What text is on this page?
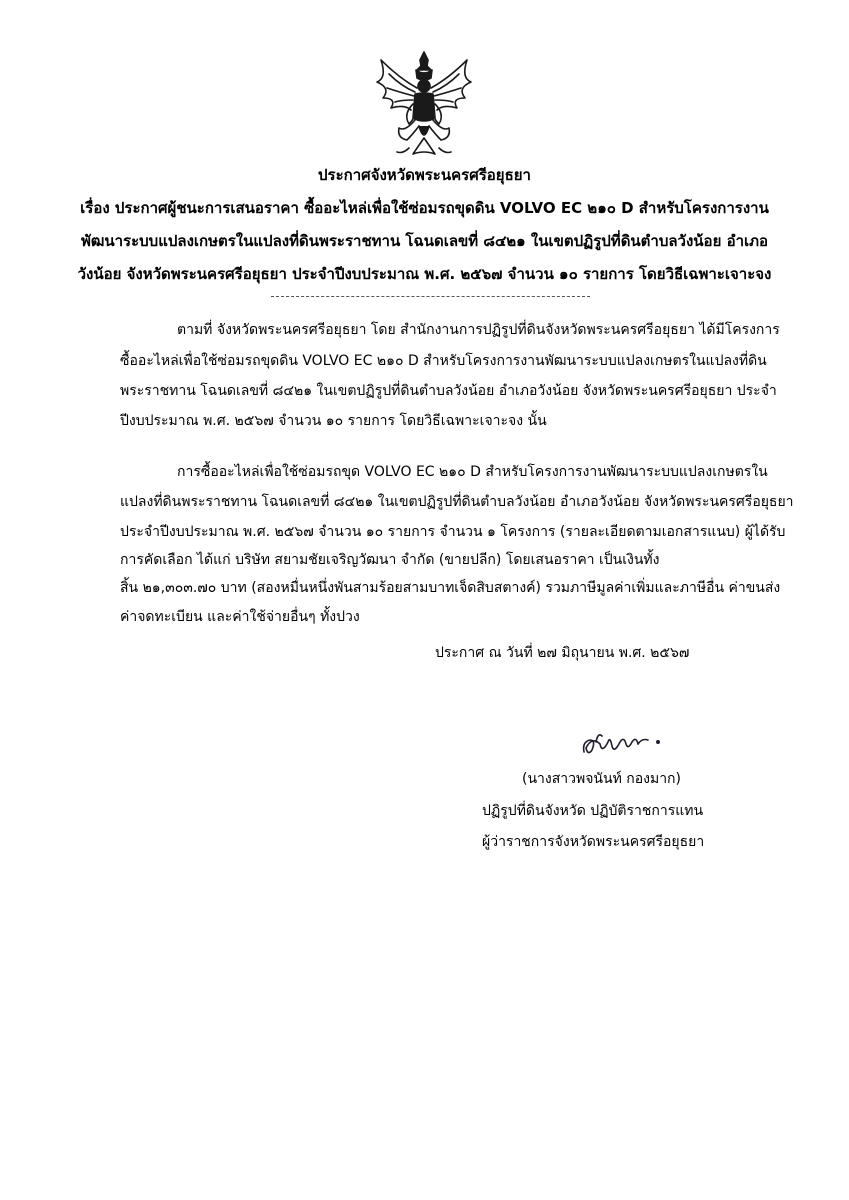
ประกาศจังหวัดพระนครศรีอยุธยา
เรื่อง ประกาศผู้ชนะการเสนอราคา ซื้ออะไหล่เพื่อใช้ซ่อมรถขุดดิน VOLVO EC ๒๑๐ D สำหรับโครงการงาน
พัฒนาระบบแปลงเกษตรในแปลงที่ดินพระราชทาน โฉนดเลขที่ ๘๔๒๑ ในเขตปฏิรูปที่ดินตำบลวังน้อย อำเภอ
วังน้อย จังหวัดพระนครศรีอยุธยา ประจำปีงบประมาณ พ.ศ. ๒๕๖๗ จำนวน ๑๐ รายการ โดยวิธีเฉพาะเจาะจง
ตามที่ จังหวัดพระนครศรีอยุธยา โดย สำนักงานการปฏิรูปที่ดินจังหวัดพระนครศรีอยุธยา ได้มีโครงการ
ซื้ออะไหล่เพื่อใช้ซ่อมรถขุดดิน VOLVO EC ๒๑๐ D สำหรับโครงการงานพัฒนาระบบแปลงเกษตรในแปลงที่ดิน
พระราชทาน โฉนดเลขที่ ๘๔๒๑ ในเขตปฏิรูปที่ดินตำบลวังน้อย อำเภอวังน้อย จังหวัดพระนครศรีอยุธยา ประจำ
ปีงบประมาณ พ.ศ. ๒๕๖๗ จำนวน ๑๐ รายการ โดยวิธีเฉพาะเจาะจง นั้น
การซื้ออะไหล่เพื่อใช้ซ่อมรถขุด VOLVO EC ๒๑๐ D สำหรับโครงการงานพัฒนาระบบแปลงเกษตรใน
แปลงที่ดินพระราชทาน โฉนดเลขที่ ๘๔๒๑ ในเขตปฏิรูปที่ดินตำบลวังน้อย อำเภอวังน้อย จังหวัดพระนครศรีอยุธยา
ประจำปีงบประมาณ พ.ศ. ๒๕๖๗ จำนวน ๑๐ รายการ จำนวน ๑ โครงการ (รายละเอียดตามเอกสารแนบ) ผู้ได้รับ
การคัดเลือก ได้แก่ บริษัท สยามชัยเจริญวัฒนา จำกัด (ขายปลีก) โดยเสนอราคา เป็นเงินทั้ง
สิ้น ๒๑,๓๐๓.๗๐ บาท (สองหมื่นหนึ่งพันสามร้อยสามบาทเจ็ดสิบสตางค์) รวมภาษีมูลค่าเพิ่มและภาษีอื่น ค่าขนส่ง
ค่าจดทะเบียน และค่าใช้จ่ายอื่นๆ ทั้งปวง
ประกาศ ณ วันที่ ๒๗ มิถุนายน พ.ศ. ๒๕๖๗
(นางสาวพจนันท์ กองมาก)
ปฏิรูปที่ดินจังหวัด ปฏิบัติราชการแทน
ผู้ว่าราชการจังหวัดพระนครศรีอยุธยา
